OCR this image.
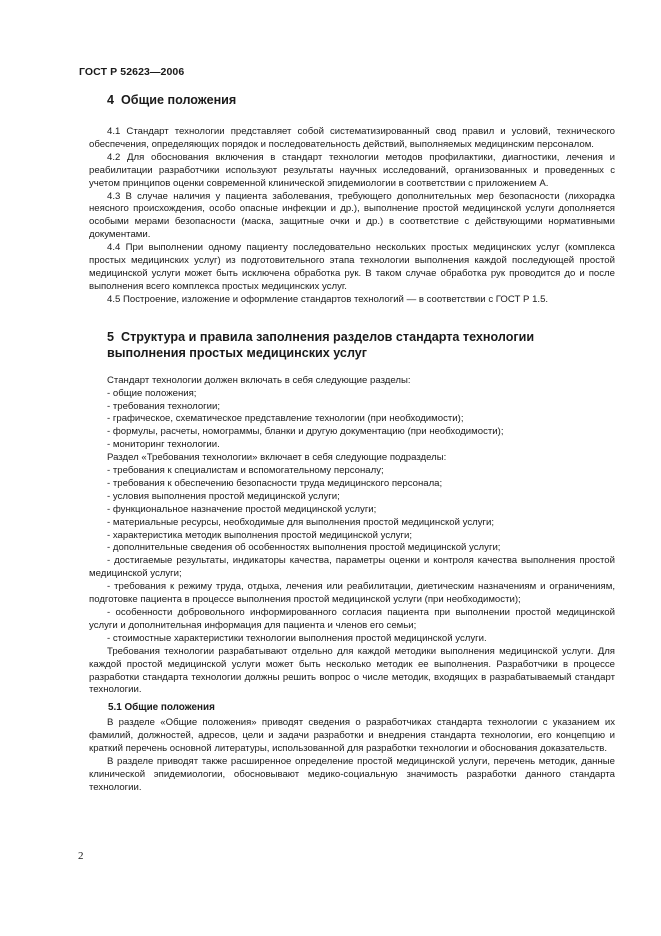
ГОСТ Р 52623—2006
4 Общие положения

4.1 Стандарт технологии представляет собой систематизированный свод правил и условий, технического обеспечения, определяющих порядок и последовательность действий, выполняемых медицинским персоналом.

4.2 Для обоснования включения в стандарт технологии методов профилактики, диагностики, лечения и реабилитации разработчики используют результаты научных исследований, организованных и проведенных с учетом принципов оценки современной клинической эпидемиологии в соответствии с приложением А.

4.3 В случае наличия у пациента заболевания, требующего дополнительных мер безопасности (лихорадка неясного происхождения, особо опасные инфекции и др.), выполнение простой медицинской услуги дополняется особыми мерами безопасности (маска, защитные очки и др.) в соответствие с действующими нормативными документами.

4.4 При выполнении одному пациенту последовательно нескольких простых медицинских услуг (комплекса простых медицинских услуг) из подготовительного этапа технологии выполнения каждой последующей простой медицинской услуги может быть исключена обработка рук. В таком случае обработка рук проводится до и после выполнения всего комплекса простых медицинских услуг.

4.5 Построение, изложение и оформление стандартов технологий — в соответствии с ГОСТ Р 1.5.

5 Структура и правила заполнения разделов стандарта технологии
выполнения простых медицинских услуг

Стандарт технологии должен включать в себя следующие разделы:

- общие положения;

- требования технологии;

- графическое, схематическое представление технологии (при необходимости);

- формулы, расчеты, номограммы, бланки и другую документацию (при необходимости);

- мониторинг технологии.

Раздел «Требования технологии» включает в себя следующие подразделы:

- требования к специалистам и вспомогательному персоналу;

- требования к обеспечению безопасности труда медицинского персонала;

- условия выполнения простой медицинской услуги;

- функциональное назначение простой медицинской услуги;

- материальные ресурсы, необходимые для выполнения простой медицинской услуги;

- характеристика методик выполнения простой медицинской услуги;

- дополнительные сведения об особенностях выполнения простой медицинской услуги;

- достигаемые результаты, индикаторы качества, параметры оценки и контроля качества выполнения простой медицинской услуги;

- требования к режиму труда, отдыха, лечения или реабилитации, диетическим назначениям и ограничениям, подготовке пациента в процессе выполнения простой медицинской услуги (при необходимости);

- особенности добровольного информированного согласия пациента при выполнении простой медицинской услуги и дополнительная информация для пациента и членов его семьи;

- стоимостные характеристики технологии выполнения простой медицинской услуги.

Требования технологии разрабатывают отдельно для каждой методики выполнения медицинской услуги. Для каждой простой медицинской услуги может быть несколько методик ее выполнения. Разработчики в процессе разработки стандарта технологии должны решить вопрос о числе методик, входящих в разрабатываемый стандарт технологии.

5.1 Общие положения

В разделе «Общие положения» приводят сведения о разработчиках стандарта технологии с указанием их фамилий, должностей, адресов, цели и задачи разработки и внедрения стандарта технологии, его концепцию и краткий перечень основной литературы, использованной для разработки технологии и обоснования доказательств.

В разделе приводят также расширенное определение простой медицинской услуги, перечень методик, данные клинической эпидемиологии, обосновывают медико-социальную значимость разработки данного стандарта технологии.

2
